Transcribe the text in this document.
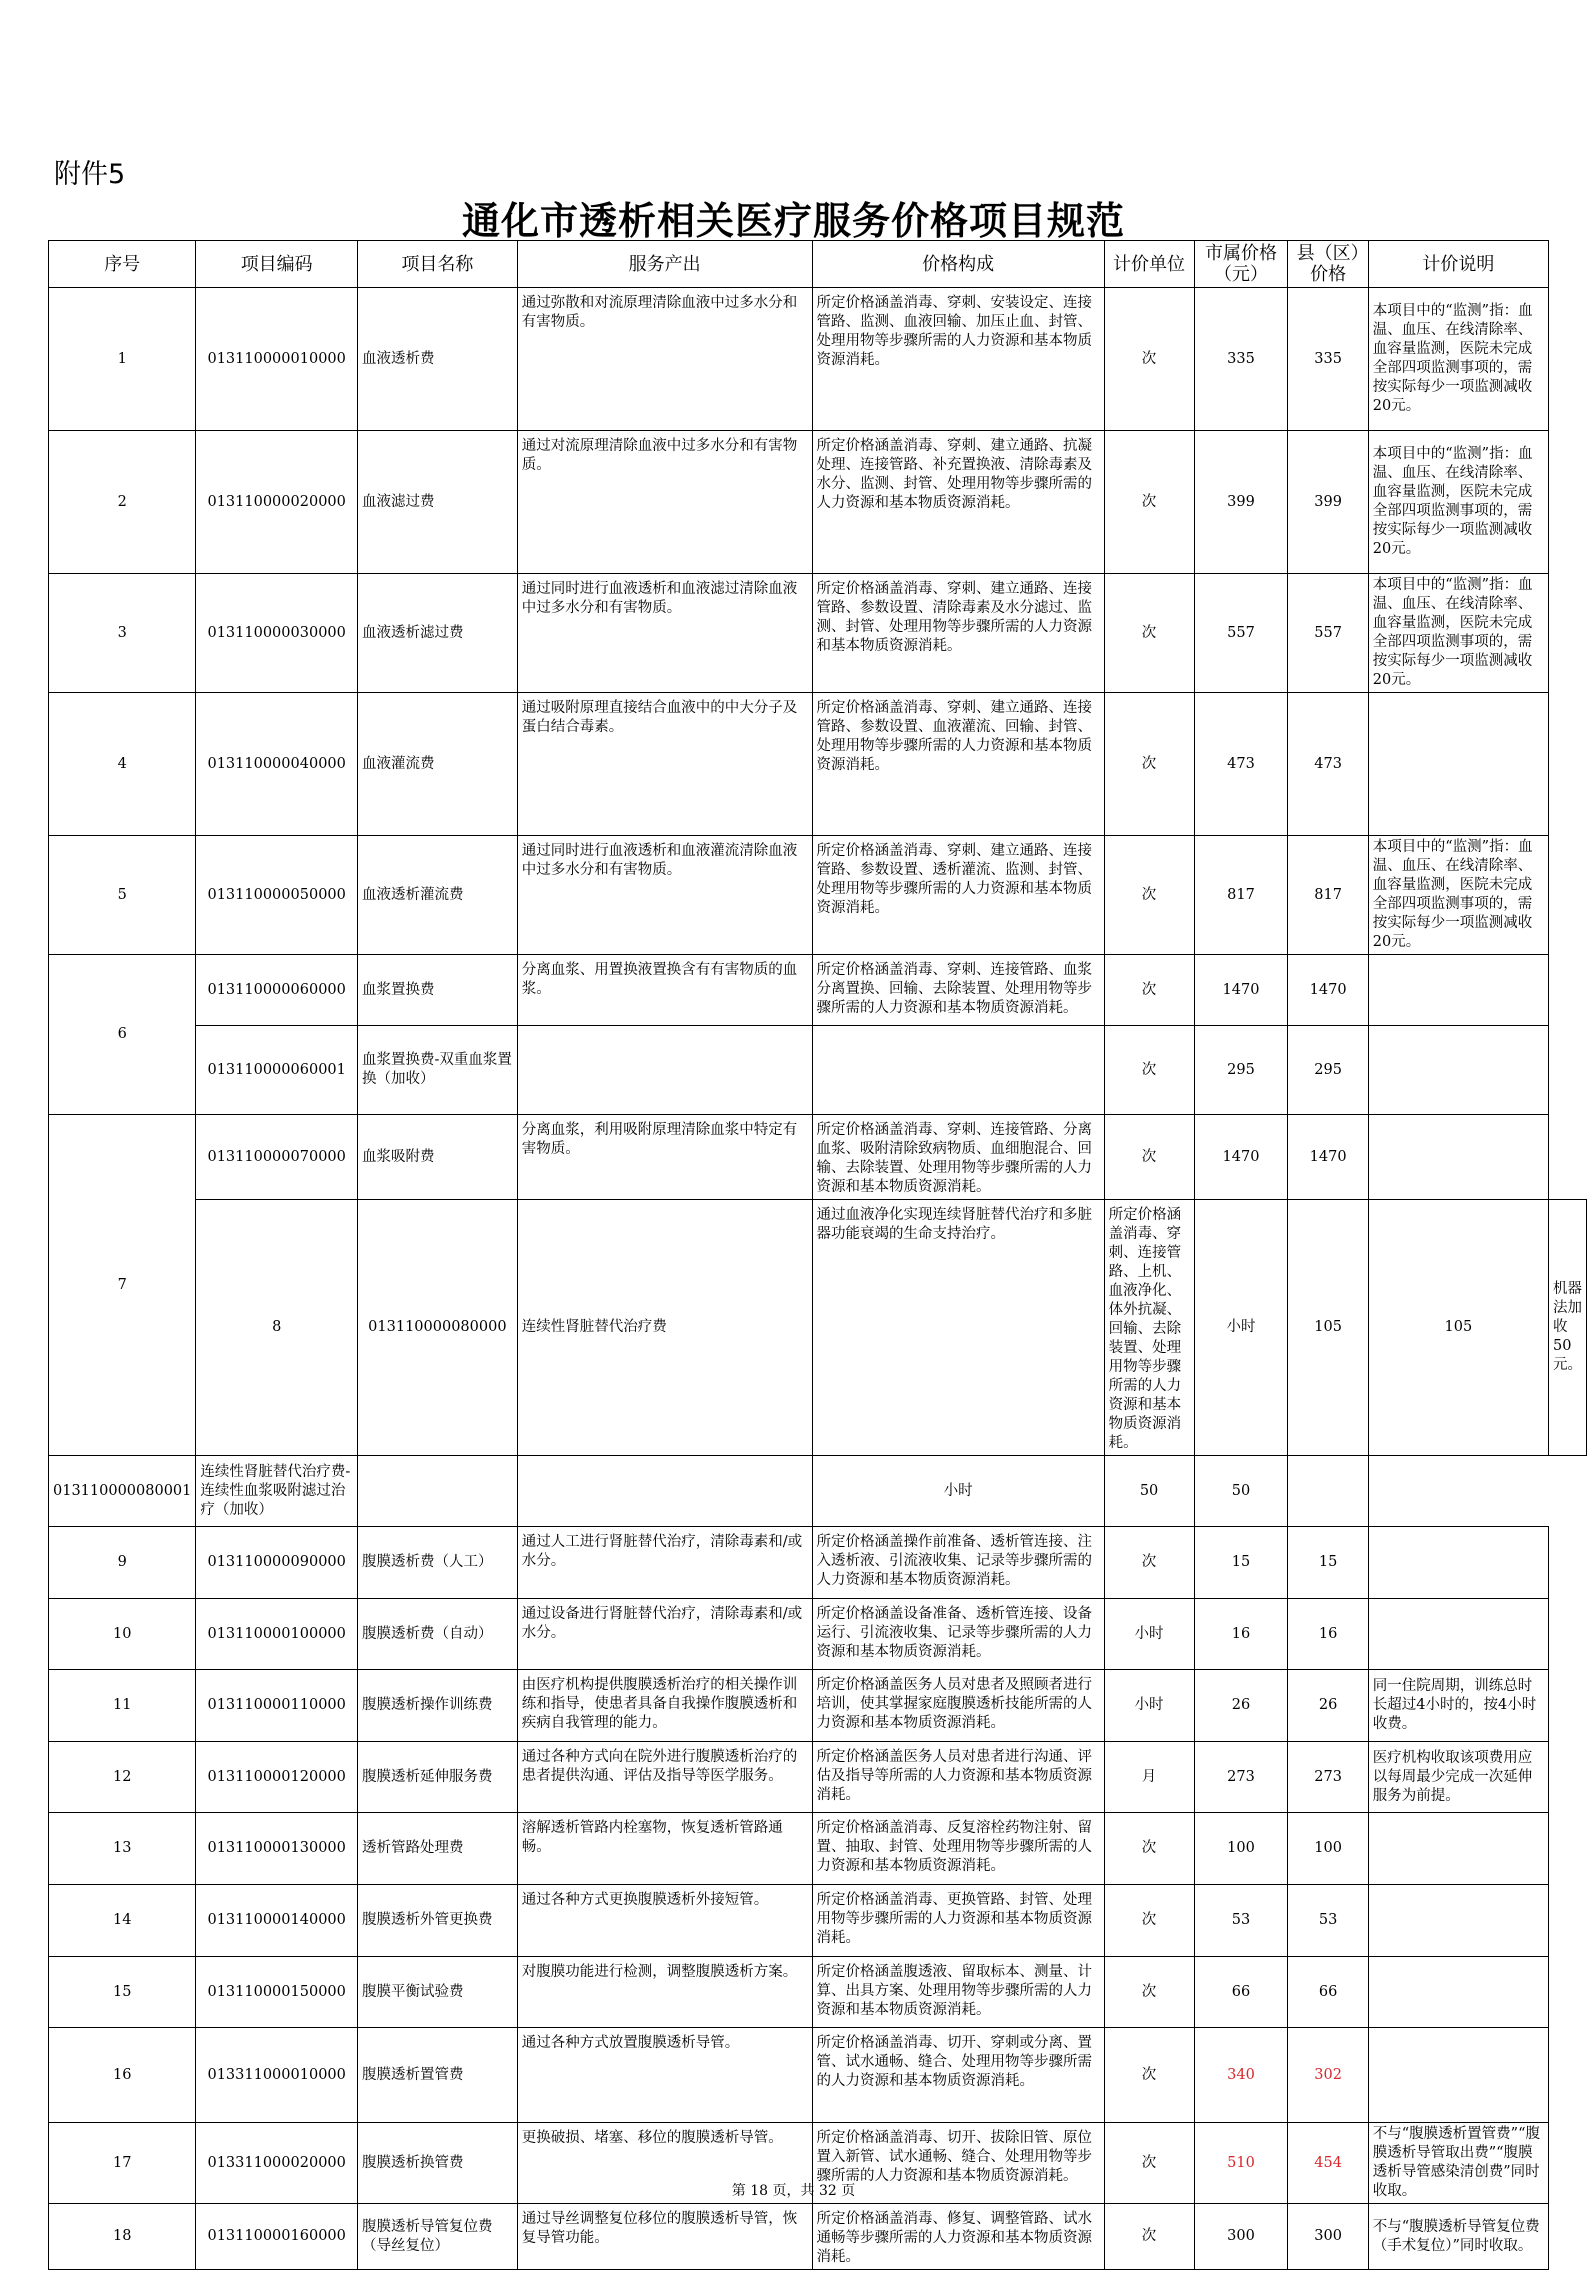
附件5
通化市透析相关医疗服务价格项目规范
序号	项目编码	项目名称	服务产出	价格构成	计价单位	市属价格（元）	县（区）价格	计价说明	
1	013110000010000	血液透析费	通过弥散和对流原理清除血液中过多水分和有害物质。	所定价格涵盖消毒、穿刺、安装设定、连接管路、监测、血液回输、加压止血、封管、处理用物等步骤所需的人力资源和基本物质资源消耗。	次	335	335	本项目中的“监测”指：血温、血压、在线清除率、血容量监测，医院未完成全部四项监测事项的，需按实际每少一项监测减收20元。	
2	013110000020000	血液滤过费	通过对流原理清除血液中过多水分和有害物质。	所定价格涵盖消毒、穿刺、建立通路、抗凝处理、连接管路、补充置换液、清除毒素及水分、监测、封管、处理用物等步骤所需的人力资源和基本物质资源消耗。	次	399	399	本项目中的“监测”指：血温、血压、在线清除率、血容量监测，医院未完成全部四项监测事项的，需按实际每少一项监测减收20元。	
3	013110000030000	血液透析滤过费	通过同时进行血液透析和血液滤过清除血液中过多水分和有害物质。	所定价格涵盖消毒、穿刺、建立通路、连接管路、参数设置、清除毒素及水分滤过、监测、封管、处理用物等步骤所需的人力资源和基本物质资源消耗。	次	557	557	本项目中的“监测”指：血温、血压、在线清除率、血容量监测，医院未完成全部四项监测事项的，需按实际每少一项监测减收20元。	
4	013110000040000	血液灌流费	通过吸附原理直接结合血液中的中大分子及蛋白结合毒素。	所定价格涵盖消毒、穿刺、建立通路、连接管路、参数设置、血液灌流、回输、封管、处理用物等步骤所需的人力资源和基本物质资源消耗。	次	473	473		
5	013110000050000	血液透析灌流费	通过同时进行血液透析和血液灌流清除血液中过多水分和有害物质。	所定价格涵盖消毒、穿刺、建立通路、连接管路、参数设置、透析灌流、监测、封管、处理用物等步骤所需的人力资源和基本物质资源消耗。	次	817	817	本项目中的“监测”指：血温、血压、在线清除率、血容量监测，医院未完成全部四项监测事项的，需按实际每少一项监测减收20元。	
6	013110000060000	血浆置换费	分离血浆、用置换液置换含有有害物质的血浆。	所定价格涵盖消毒、穿刺、连接管路、血浆分离置换、回输、去除装置、处理用物等步骤所需的人力资源和基本物质资源消耗。	次	1470	1470		
	013110000060001	血浆置换费-双重血浆置换（加收）			次	295	295		
7	013110000070000	血浆吸附费	分离血浆，利用吸附原理清除血浆中特定有害物质。	所定价格涵盖消毒、穿刺、连接管路、分离血浆、吸附清除致病物质、血细胞混合、回输、去除装置、处理用物等步骤所需的人力资源和基本物质资源消耗。	次	1470	1470		
	8	013110000080000	连续性肾脏替代治疗费	通过血液净化实现连续肾脏替代治疗和多脏器功能衰竭的生命支持治疗。	所定价格涵盖消毒、穿刺、连接管路、上机、血液净化、体外抗凝、回输、去除装置、处理用物等步骤所需的人力资源和基本物质资源消耗。	小时	105	105	机器法加收50元。
013110000080001	连续性肾脏替代治疗费-连续性血浆吸附滤过治疗（加收）			小时	50	50			
9	013110000090000	腹膜透析费（人工）	通过人工进行肾脏替代治疗，清除毒素和/或水分。	所定价格涵盖操作前准备、透析管连接、注入透析液、引流液收集、记录等步骤所需的人力资源和基本物质资源消耗。	次	15	15		
10	013110000100000	腹膜透析费（自动）	通过设备进行肾脏替代治疗，清除毒素和/或水分。	所定价格涵盖设备准备、透析管连接、设备运行、引流液收集、记录等步骤所需的人力资源和基本物质资源消耗。	小时	16	16		
11	013110000110000	腹膜透析操作训练费	由医疗机构提供腹膜透析治疗的相关操作训练和指导，使患者具备自我操作腹膜透析和疾病自我管理的能力。	所定价格涵盖医务人员对患者及照顾者进行培训，使其掌握家庭腹膜透析技能所需的人力资源和基本物质资源消耗。	小时	26	26	同一住院周期，训练总时长超过4小时的，按4小时收费。	
12	013110000120000	腹膜透析延伸服务费	通过各种方式向在院外进行腹膜透析治疗的患者提供沟通、评估及指导等医学服务。	所定价格涵盖医务人员对患者进行沟通、评估及指导等所需的人力资源和基本物质资源消耗。	月	273	273	医疗机构收取该项费用应以每周最少完成一次延伸服务为前提。	
13	013110000130000	透析管路处理费	溶解透析管路内栓塞物，恢复透析管路通畅。	所定价格涵盖消毒、反复溶栓药物注射、留置、抽取、封管、处理用物等步骤所需的人力资源和基本物质资源消耗。	次	100	100		
14	013110000140000	腹膜透析外管更换费	通过各种方式更换腹膜透析外接短管。	所定价格涵盖消毒、更换管路、封管、处理用物等步骤所需的人力资源和基本物质资源消耗。	次	53	53		
15	013110000150000	腹膜平衡试验费	对腹膜功能进行检测，调整腹膜透析方案。	所定价格涵盖腹透液、留取标本、测量、计算、出具方案、处理用物等步骤所需的人力资源和基本物质资源消耗。	次	66	66		
16	013311000010000	腹膜透析置管费	通过各种方式放置腹膜透析导管。	所定价格涵盖消毒、切开、穿刺或分离、置管、试水通畅、缝合、处理用物等步骤所需的人力资源和基本物质资源消耗。	次	340	302		
17	013311000020000	腹膜透析换管费	更换破损、堵塞、移位的腹膜透析导管。	所定价格涵盖消毒、切开、拔除旧管、原位置入新管、试水通畅、缝合、处理用物等步骤所需的人力资源和基本物质资源消耗。	次	510	454	不与“腹膜透析置管费”“腹膜透析导管取出费”“腹膜透析导管感染清创费”同时收取。	
18	013110000160000	腹膜透析导管复位费（导丝复位）	通过导丝调整复位移位的腹膜透析导管，恢复导管功能。	所定价格涵盖消毒、修复、调整管路、试水通畅等步骤所需的人力资源和基本物质资源消耗。	次	300	300	不与“腹膜透析导管复位费（手术复位）”同时收取。	
第 18 页，共 32 页
